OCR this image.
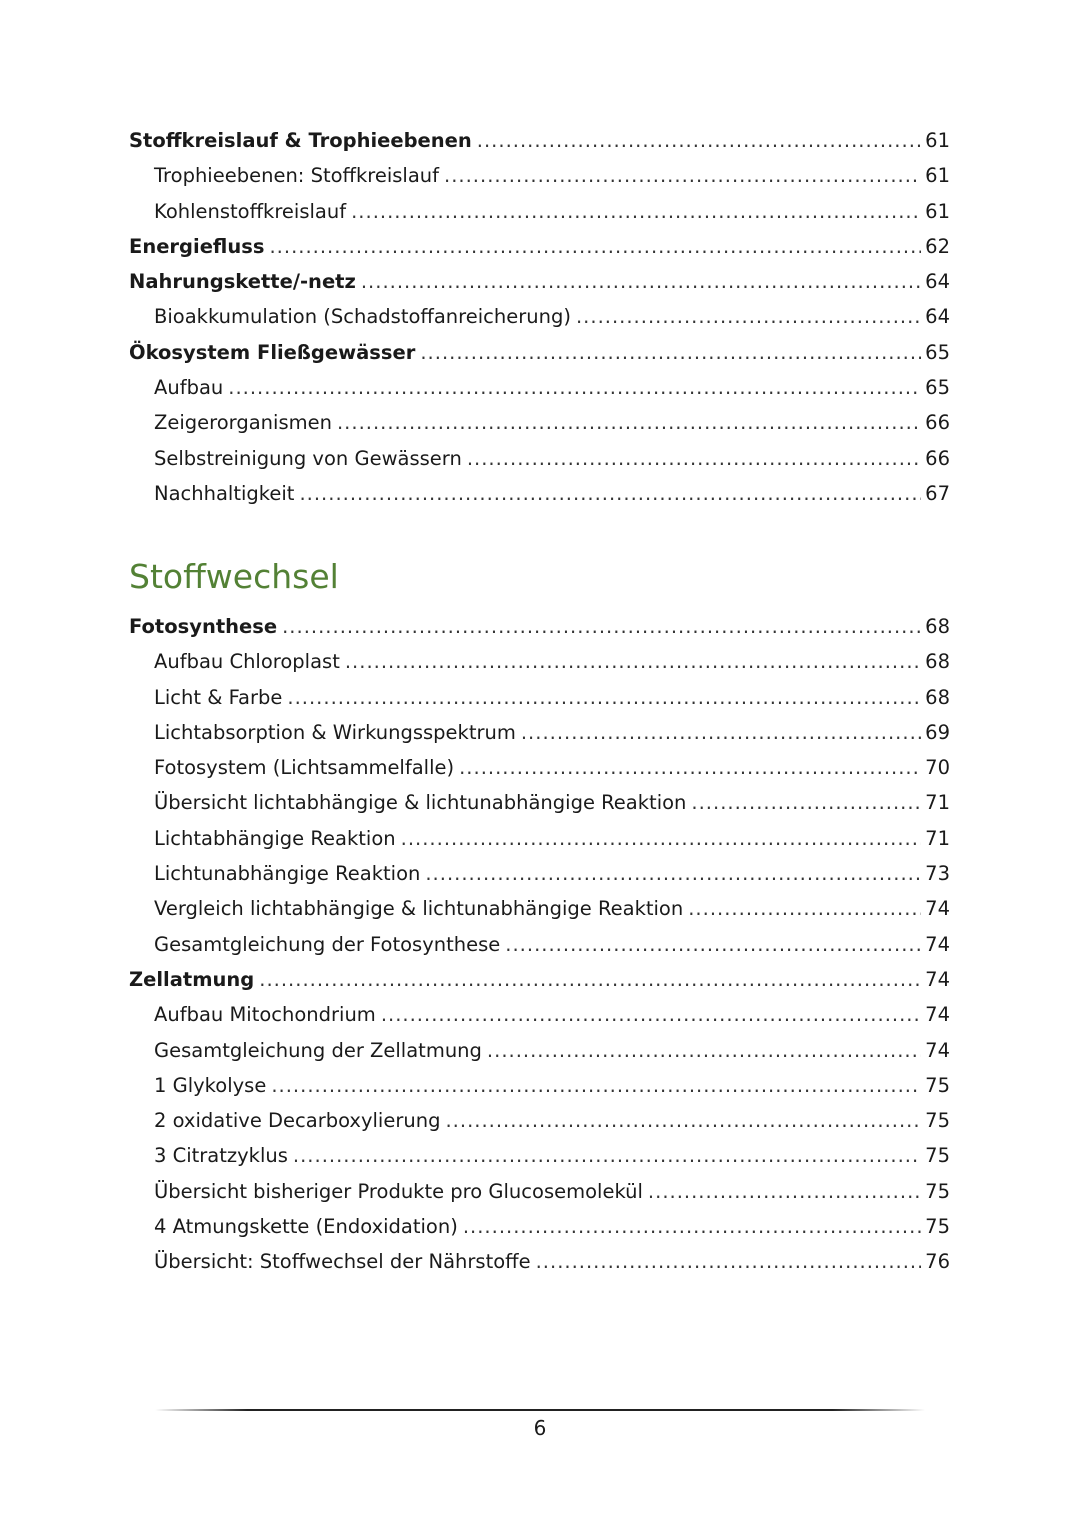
Stoffkreislauf & Trophieebenen .....	61
Trophieebenen: Stoffkreislauf .....	61
Kohlenstoffkreislauf .....	61
Energiefluss .....	62
Nahrungskette/-netz .....	64
Bioakkumulation (Schadstoffanreicherung) .....	64
Ökosystem Fließgewässer .....	65
Aufbau .....	65
Zeigerorganismen .....	66
Selbstreinigung von Gewässern .....	66
Nachhaltigkeit .....	67
Stoffwechsel
Fotosynthese .....	68
Aufbau Chloroplast .....	68
Licht & Farbe .....	68
Lichtabsorption & Wirkungsspektrum .....	69
Fotosystem (Lichtsammelfalle) .....	70
Übersicht lichtabhängige & lichtunabhängige Reaktion .....	71
Lichtabhängige Reaktion .....	71
Lichtunabhängige Reaktion .....	73
Vergleich lichtabhängige & lichtunabhängige Reaktion .....	74
Gesamtgleichung der Fotosynthese .....	74
Zellatmung .....	74
Aufbau Mitochondrium .....	74
Gesamtgleichung der Zellatmung .....	74
1 Glykolyse .....	75
2 oxidative Decarboxylierung .....	75
3 Citratzyklus .....	75
Übersicht bisheriger Produkte pro Glucosemolekül .....	75
4 Atmungskette (Endoxidation) .....	75
Übersicht: Stoffwechsel der Nährstoffe .....	76
6
